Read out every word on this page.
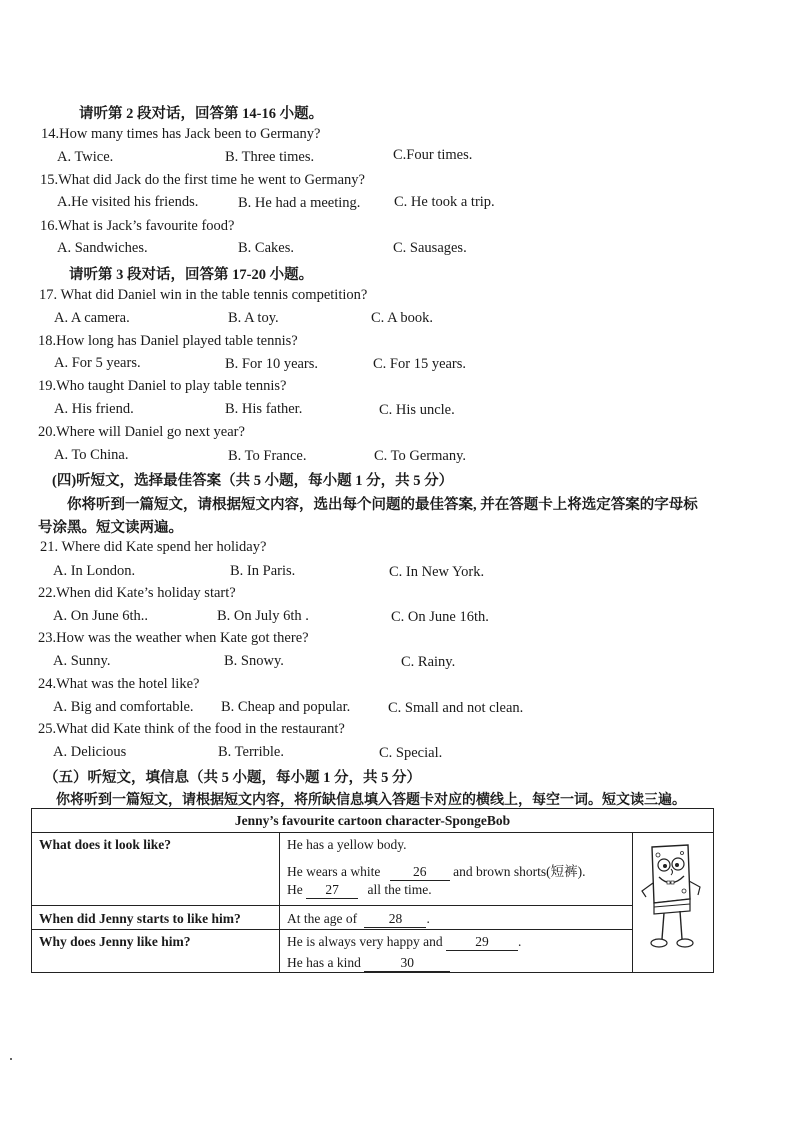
请听第 2 段对话，回答第 14-16 小题。
14.How many times has Jack been to Germany?
A. Twice.	B. Three times.	C.Four times.
15.What did Jack do the first time he went to Germany?
A.He visited his friends.	B. He had a meeting. C. He took a trip.
16.What is Jack’s favourite food?
A. Sandwiches.	B. Cakes.	C. Sausages.
请听第 3 段对话，回答第 17-20 小题。
17. What did Daniel win in the table tennis competition?
A. A camera.	B. A toy.	C. A book.
18.How long has Daniel played table tennis?
A. For 5 years.	B. For 10 years.	C. For 15 years.
19.Who taught Daniel to play table tennis?
A. His friend.	B. His father.	C. His uncle.
20.Where will Daniel go next year?
A. To China.	B. To France.	C. To Germany.
(四)听短文，选择最佳答案（共 5 小题，每小题 1 分，共 5 分）
你将听到一篇短文，请根据短文内容，选出每个问题的最佳答案, 并在答题卡上将选定答案的字母标
号涂黑。短文读两遍。
21. Where did Kate spend her holiday?
A. In London.	B. In Paris.	C. In New York.
22.When did Kate’s holiday start?
A. On June 6th..	B. On July 6th .	C. On June 16th.
23.How was the weather when Kate got there?
A. Sunny.	B. Snowy.	C. Rainy.
24.What was the hotel like?
A. Big and comfortable. B. Cheap and popular.	C. Small and not clean.
25.What did Kate think of the food in the restaurant?
A. Delicious	B. Terrible.	C. Special.
（五）听短文，填信息（共 5 小题，每小题 1 分，共 5 分）
你将听到一篇短文，请根据短文内容，将所缺信息填入答题卡对应的横线上，每空一词。短文读三遍。
Jenny’s favourite cartoon character-SpongeBob
What does it look like?	He has a yellow body.
He wears a white 26 and brown shorts(短裤).
He 27 all the time.
When did Jenny starts to like him?	At the age of 28 .
Why does Jenny like him?	He is always very happy and 29 .
He has a kind	30
